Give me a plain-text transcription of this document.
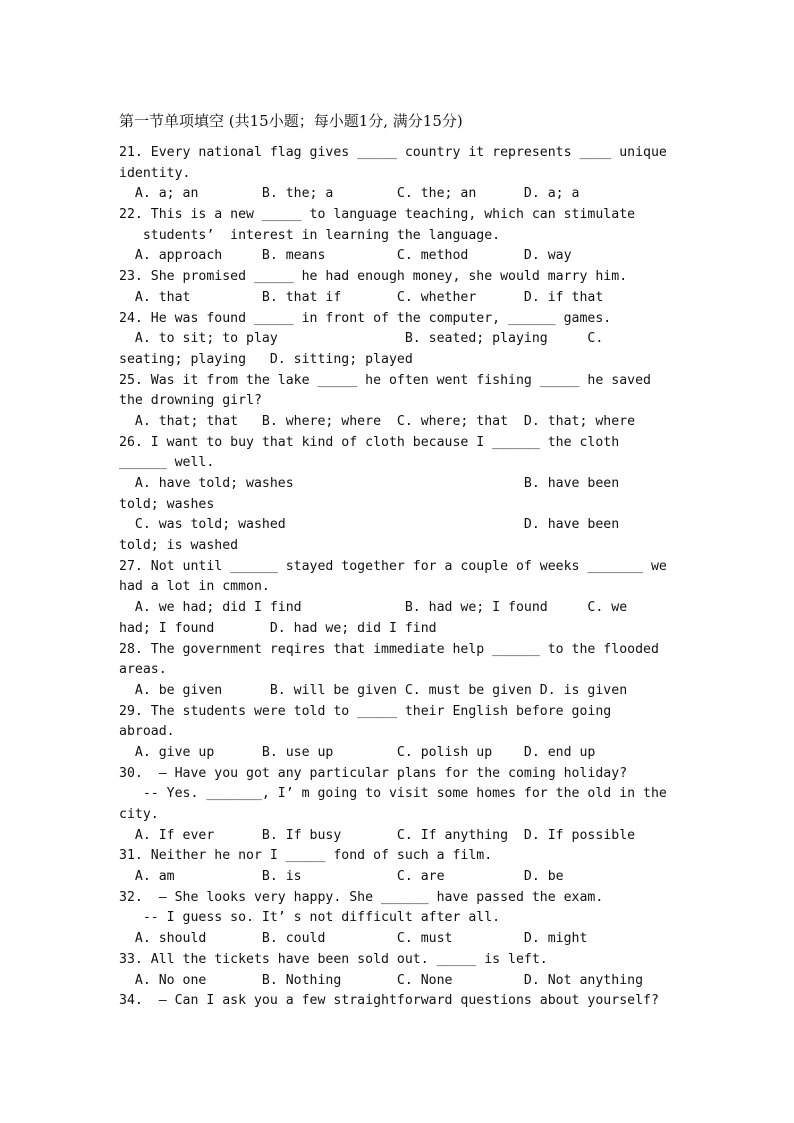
第一节单项填空 (共15小题；每小题1分, 满分15分)
21. Every national flag gives _____ country it represents ____ unique
identity.
A. a; an        B. the; a        C. the; an      D. a; a
22. This is a new _____ to language teaching, which can stimulate
students’  interest in learning the language.
A. approach     B. means         C. method       D. way
23. She promised _____ he had enough money, she would marry him.
A. that         B. that if       C. whether      D. if that
24. He was found _____ in front of the computer, ______ games.
A. to sit; to play                B. seated; playing     C.
seating; playing   D. sitting; played
25. Was it from the lake _____ he often went fishing _____ he saved
the drowning girl?
A. that; that   B. where; where  C. where; that  D. that; where
26. I want to buy that kind of cloth because I ______ the cloth
______ well.
A. have told; washes                             B. have been
told; washes
C. was told; washed                              D. have been
told; is washed
27. Not until ______ stayed together for a couple of weeks _______ we
had a lot in cmmon.
A. we had; did I find             B. had we; I found     C. we
had; I found       D. had we; did I find
28. The government reqires that immediate help ______ to the flooded
areas.
A. be given      B. will be given C. must be given D. is given
29. The students were told to _____ their English before going
abroad.
A. give up      B. use up        C. polish up    D. end up
30.  – Have you got any particular plans for the coming holiday?
-- Yes. _______, I’ m going to visit some homes for the old in the
city.
A. If ever      B. If busy       C. If anything  D. If possible
31. Neither he nor I _____ fond of such a film.
A. am           B. is            C. are          D. be
32.  – She looks very happy. She ______ have passed the exam.
-- I guess so. It’ s not difficult after all.
A. should       B. could         C. must         D. might
33. All the tickets have been sold out. _____ is left.
A. No one       B. Nothing       C. None         D. Not anything
34.  – Can I ask you a few straightforward questions about yourself?
